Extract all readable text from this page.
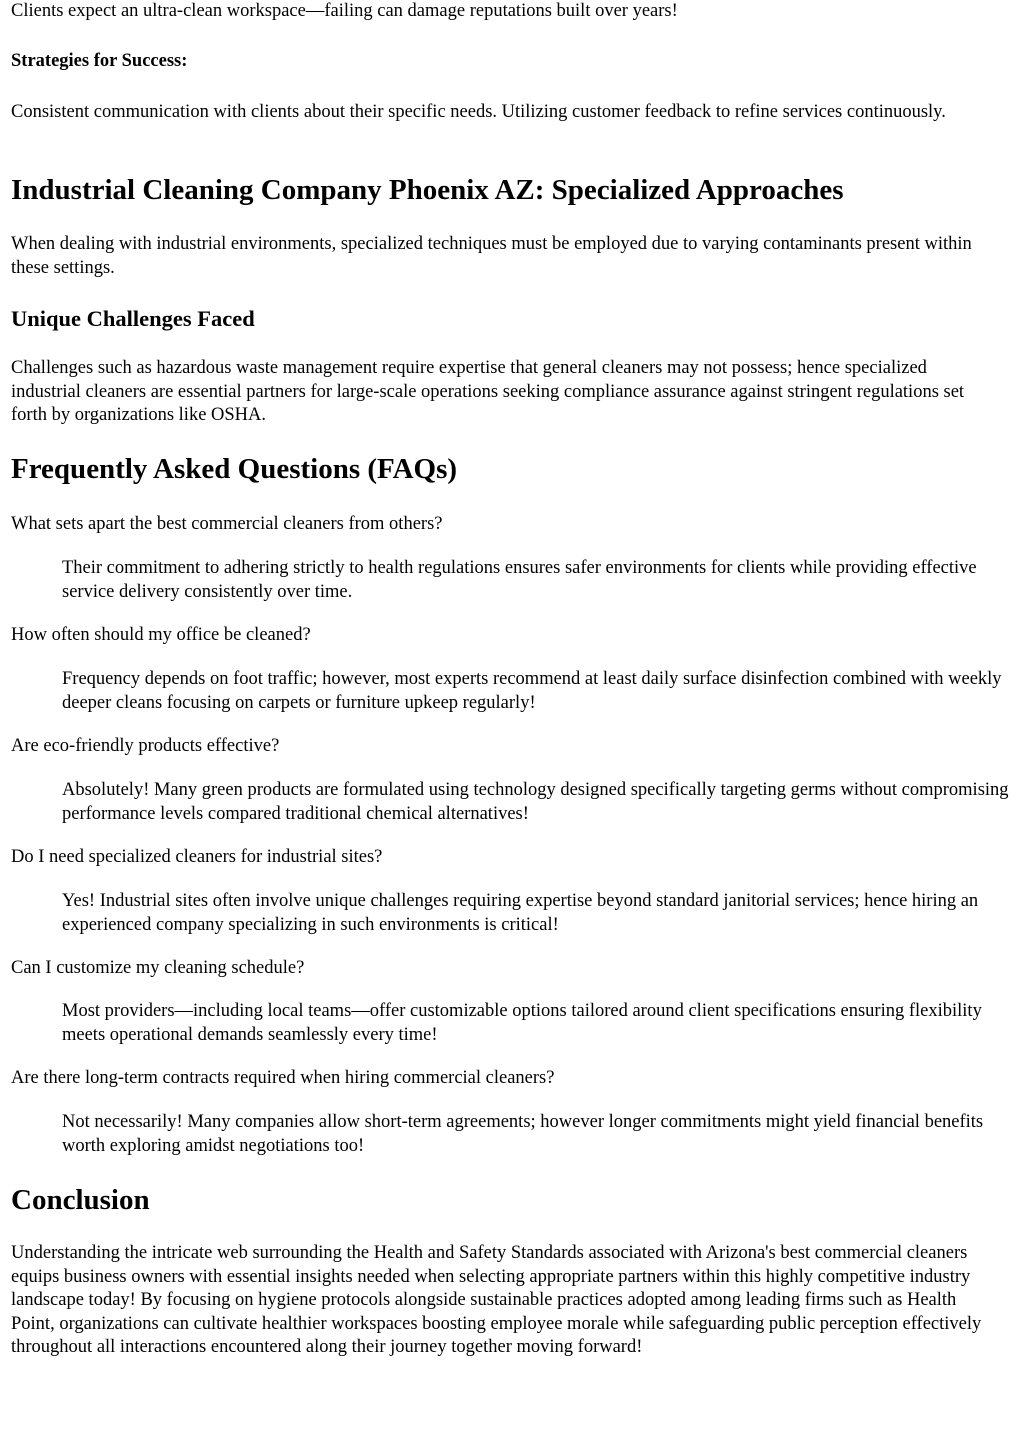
Clients expect an ultra-clean workspace—failing can damage reputations built over years!

Strategies for Success:

Consistent communication with clients about their specific needs. Utilizing customer feedback to refine services continuously.

Industrial Cleaning Company Phoenix AZ: Specialized Approaches

When dealing with industrial environments, specialized techniques must be employed due to varying contaminants present within these settings.

Unique Challenges Faced

Challenges such as hazardous waste management require expertise that general cleaners may not possess; hence specialized industrial cleaners are essential partners for large-scale operations seeking compliance assurance against stringent regulations set forth by organizations like OSHA.

Frequently Asked Questions (FAQs)
What sets apart the best commercial cleaners from others?
Their commitment to adhering strictly to health regulations ensures safer environments for clients while providing effective service delivery consistently over time.
How often should my office be cleaned?
Frequency depends on foot traffic; however, most experts recommend at least daily surface disinfection combined with weekly deeper cleans focusing on carpets or furniture upkeep regularly!
Are eco-friendly products effective?
Absolutely! Many green products are formulated using technology designed specifically targeting germs without compromising performance levels compared traditional chemical alternatives!
Do I need specialized cleaners for industrial sites?
Yes! Industrial sites often involve unique challenges requiring expertise beyond standard janitorial services; hence hiring an experienced company specializing in such environments is critical!
Can I customize my cleaning schedule?
Most providers—including local teams—offer customizable options tailored around client specifications ensuring flexibility meets operational demands seamlessly every time!
Are there long-term contracts required when hiring commercial cleaners?
Not necessarily! Many companies allow short-term agreements; however longer commitments might yield financial benefits worth exploring amidst negotiations too!
Conclusion

Understanding the intricate web surrounding the Health and Safety Standards associated with Arizona's best commercial cleaners equips business owners with essential insights needed when selecting appropriate partners within this highly competitive industry landscape today! By focusing on hygiene protocols alongside sustainable practices adopted among leading firms such as Health Point, organizations can cultivate healthier workspaces boosting employee morale while safeguarding public perception effectively throughout all interactions encountered along their journey together moving forward!
